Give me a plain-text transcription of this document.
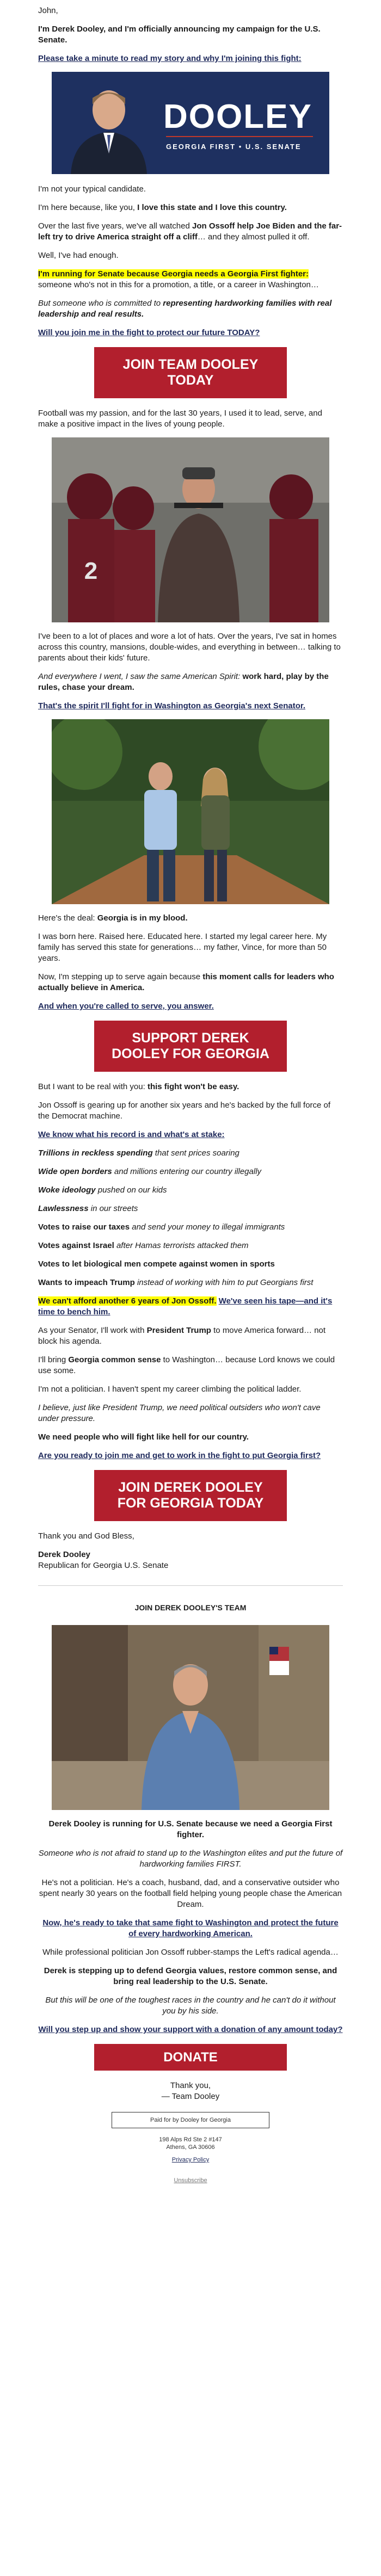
John,

I'm Derek Dooley, and I'm officially announcing my campaign for the U.S. Senate.

Please take a minute to read my story and why I'm joining this fight:

DOOLEY
GEORGIA FIRST • U.S. SENATE

I'm not your typical candidate.

I'm here because, like you, I love this state and I love this country.

Over the last five years, we've all watched Jon Ossoff help Joe Biden and the far-left try to drive America straight off a cliff… and they almost pulled it off.

Well, I've had enough.

I'm running for Senate because Georgia needs a Georgia First fighter: someone who's not in this for a promotion, a title, or a career in Washington…

But someone who is committed to representing hardworking families with real leadership and real results.

Will you join me in the fight to protect our future TODAY?

JOIN TEAM DOOLEY TODAY

Football was my passion, and for the last 30 years, I used it to lead, serve, and make a positive impact in the lives of young people.

2

I've been to a lot of places and wore a lot of hats. Over the years, I've sat in homes across this country, mansions, double-wides, and everything in between… talking to parents about their kids' future.

And everywhere I went, I saw the same American Spirit: work hard, play by the rules, chase your dream.

That's the spirit I'll fight for in Washington as Georgia's next Senator.

Here's the deal: Georgia is in my blood.

I was born here. Raised here. Educated here. I started my legal career here. My family has served this state for generations… my father, Vince, for more than 50 years.

Now, I'm stepping up to serve again because this moment calls for leaders who actually believe in America.

And when you're called to serve, you answer.

SUPPORT DEREK DOOLEY FOR GEORGIA

But I want to be real with you: this fight won't be easy.

Jon Ossoff is gearing up for another six years and he's backed by the full force of the Democrat machine.

We know what his record is and what's at stake:

Trillions in reckless spending that sent prices soaring

Wide open borders and millions entering our country illegally

Woke ideology pushed on our kids

Lawlessness in our streets

Votes to raise our taxes and send your money to illegal immigrants

Votes against Israel after Hamas terrorists attacked them

Votes to let biological men compete against women in sports

Wants to impeach Trump instead of working with him to put Georgians first

We can't afford another 6 years of Jon Ossoff. We've seen his tape—and it's time to bench him.

As your Senator, I'll work with President Trump to move America forward… not block his agenda.

I'll bring Georgia common sense to Washington… because Lord knows we could use some.

I'm not a politician. I haven't spent my career climbing the political ladder.

I believe, just like President Trump, we need political outsiders who won't cave under pressure.

We need people who will fight like hell for our country.

Are you ready to join me and get to work in the fight to put Georgia first?

JOIN DEREK DOOLEY FOR GEORGIA TODAY

Thank you and God Bless,

Derek Dooley

Republican for Georgia U.S. Senate

JOIN DEREK DOOLEY'S TEAM

Derek Dooley is running for U.S. Senate because we need a Georgia First fighter.

Someone who is not afraid to stand up to the Washington elites and put the future of hardworking families FIRST.

He's not a politician. He's a coach, husband, dad, and a conservative outsider who spent nearly 30 years on the football field helping young people chase the American Dream.

Now, he's ready to take that same fight to Washington and protect the future of every hardworking American.

While professional politician Jon Ossoff rubber-stamps the Left's radical agenda…

Derek is stepping up to defend Georgia values, restore common sense, and bring real leadership to the U.S. Senate.

But this will be one of the toughest races in the country and he can't do it without you by his side.

Will you step up and show your support with a donation of any amount today?

DONATE

Thank you,

— Team Dooley

Paid for by Dooley for Georgia

198 Alps Rd Ste 2 #147

Athens, GA 30606

Privacy Policy

Unsubscribe
